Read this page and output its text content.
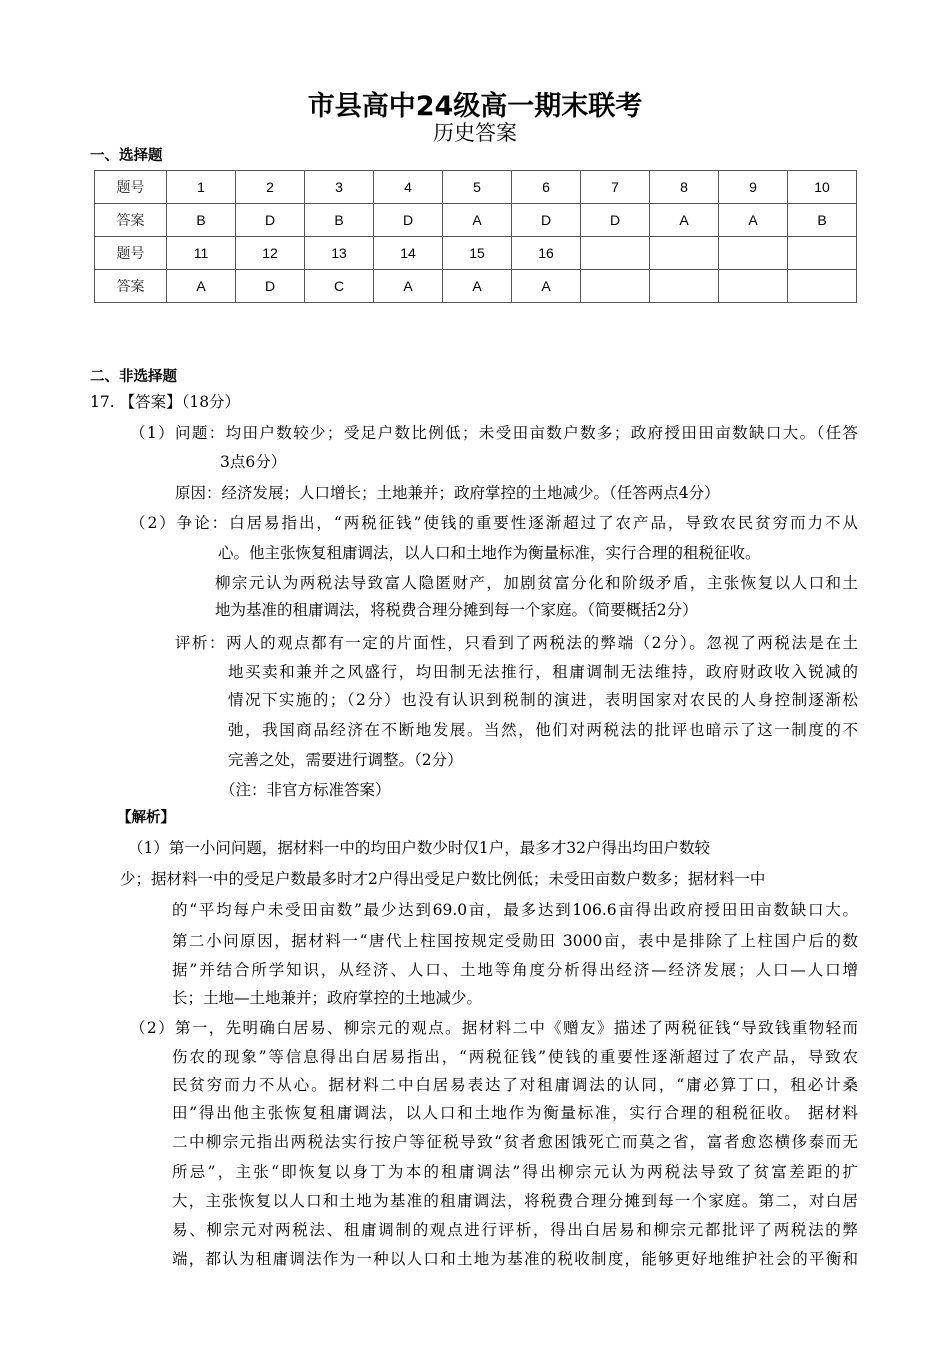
市县高中24级高一期末联考
历史答案
一、选择题
题号	1	2	3	4	5	6	7	8	9	10
答案	B	D	B	D	A	D	D	A	A	B
题号	11	12	13	14	15	16				
答案	A	D	C	A	A	A				
二、非选择题
17. 【答案】（18分）
（1）问题：均田户数较少；受足户数比例低；未受田亩数户数多；政府授田田亩数缺口大。（任答
3点6分）
原因：经济发展；人口增长；土地兼并；政府掌控的土地减少。（任答两点4分）
（2）争论：白居易指出，“两税征钱”使钱的重要性逐渐超过了农产品，导致农民贫穷而力不从
心。他主张恢复租庸调法，以人口和土地作为衡量标准，实行合理的租税征收。
柳宗元认为两税法导致富人隐匿财产，加剧贫富分化和阶级矛盾，主张恢复以人口和土
地为基准的租庸调法，将税费合理分摊到每一个家庭。（简要概括2分）
评析：两人的观点都有一定的片面性，只看到了两税法的弊端（2分）。忽视了两税法是在土
地买卖和兼并之风盛行，均田制无法推行，租庸调制无法维持，政府财政收入锐减的
情况下实施的；（2分）也没有认识到税制的演进，表明国家对农民的人身控制逐渐松
弛，我国商品经济在不断地发展。当然，他们对两税法的批评也暗示了这一制度的不
完善之处，需要进行调整。（2分）
（注：非官方标准答案）
【解析】
（1）第一小问问题，据材料一中的均田户数少时仅1户，最多才32户得出均田户数较
少；据材料一中的受足户数最多时才2户得出受足户数比例低；未受田亩数户数多；据材料一中
的“平均每户未受田亩数”最少达到69.0亩，最多达到106.6亩得出政府授田田亩数缺口大。
第二小问原因，据材料一“唐代上柱国按规定受勋田 3000亩，表中是排除了上柱国户后的数
据”并结合所学知识，从经济、人口、土地等角度分析得出经济—经济发展；人口—人口增
长；土地—土地兼并；政府掌控的土地减少。
（2）第一，先明确白居易、柳宗元的观点。据材料二中《赠友》描述了两税征钱“导致钱重物轻而
伤农的现象”等信息得出白居易指出，“两税征钱”使钱的重要性逐渐超过了农产品，导致农
民贫穷而力不从心。据材料二中白居易表达了对租庸调法的认同，“庸必算丁口，租必计桑
田”得出他主张恢复租庸调法，以人口和土地作为衡量标准，实行合理的租税征收。 据材料
二中柳宗元指出两税法实行按户等征税导致“贫者愈困饿死亡而莫之省，富者愈恣横侈泰而无
所忌”，主张“即恢复以身丁为本的租庸调法”得出柳宗元认为两税法导致了贫富差距的扩
大，主张恢复以人口和土地为基准的租庸调法，将税费合理分摊到每一个家庭。第二，对白居
易、柳宗元对两税法、租庸调制的观点进行评析，得出白居易和柳宗元都批评了两税法的弊
端，都认为租庸调法作为一种以人口和土地为基准的税收制度，能够更好地维护社会的平衡和
